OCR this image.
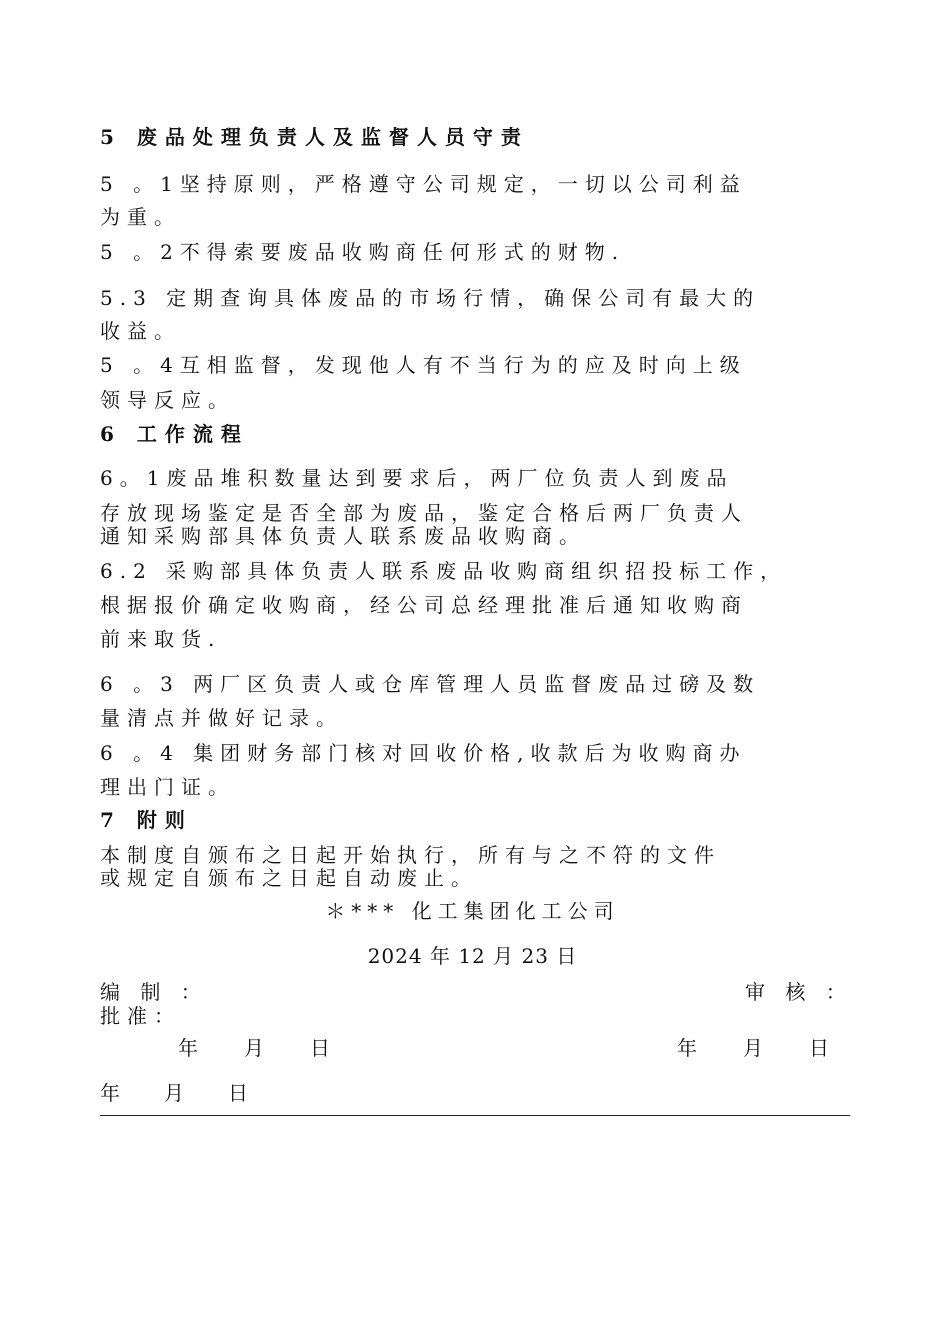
5 废品处理负责人及监督人员守责
5 。1坚持原则，严格遵守公司规定，一切以公司利益
为重。
5 。2不得索要废品收购商任何形式的财物.
5.3 定期查询具体废品的市场行情，确保公司有最大的
收益。
5 。4互相监督，发现他人有不当行为的应及时向上级
领导反应。
6 工作流程
6。1废品堆积数量达到要求后，两厂位负责人到废品
存放现场鉴定是否全部为废品，鉴定合格后两厂负责人
通知采购部具体负责人联系废品收购商。
6.2 采购部具体负责人联系废品收购商组织招投标工作，
根据报价确定收购商，经公司总经理批准后通知收购商
前来取货.
6 。3 两厂区负责人或仓库管理人员监督废品过磅及数
量清点并做好记录。
6 。4 集团财务部门核对回收价格,收款后为收购商办
理出门证。
7 附则
本制度自颁布之日起开始执行，所有与之不符的文件
或规定自颁布之日起自动废止。
＊*** 化工集团化工公司
2024 年 12 月 23 日
编 制 ：	审 核 ：
批准：
年　　月　　日	年　　月　　日
年　月　日
